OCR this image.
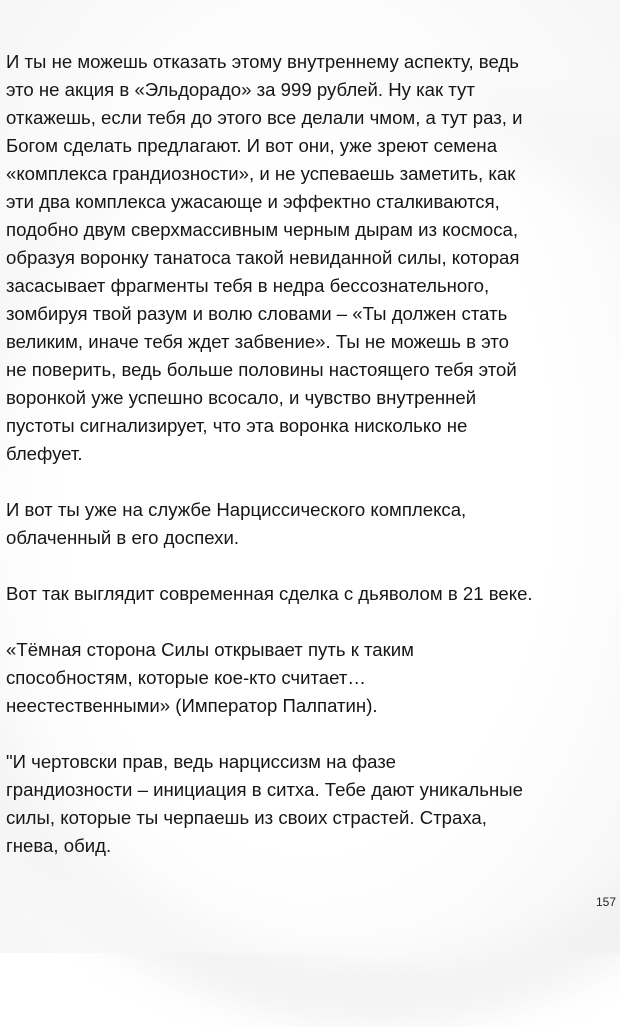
И ты не можешь отказать этому внутреннему аспекту, ведь
это не акция в «Эльдорадо» за 999 рублей. Ну как тут
откажешь, если тебя до этого все делали чмом, а тут раз, и
Богом сделать предлагают. И вот они, уже зреют семена
«комплекса грандиозности», и не успеваешь заметить, как
эти два комплекса ужасающе и эффектно сталкиваются,
подобно двум сверхмассивным черным дырам из космоса,
образуя воронку танатоса такой невиданной силы, которая
засасывает фрагменты тебя в недра бессознательного,
зомбируя твой разум и волю словами – «Ты должен стать
великим, иначе тебя ждет забвение». Ты не можешь в это
не поверить, ведь больше половины настоящего тебя этой
воронкой уже успешно всосало, и чувство внутренней
пустоты сигнализирует, что эта воронка нисколько не
блефует.

И вот ты уже на службе Нарциссического комплекса,
облаченный в его доспехи.

Вот так выглядит современная сделка с дьяволом в 21 веке.

«Тёмная сторона Силы открывает путь к таким
способностям, которые кое-кто считает…
неестественными» (Император Палпатин).

"И чертовски прав, ведь нарциссизм на фазе
грандиозности – инициация в ситха. Тебе дают уникальные
силы, которые ты черпаешь из своих страстей. Страха,
гнева, обид.

157
